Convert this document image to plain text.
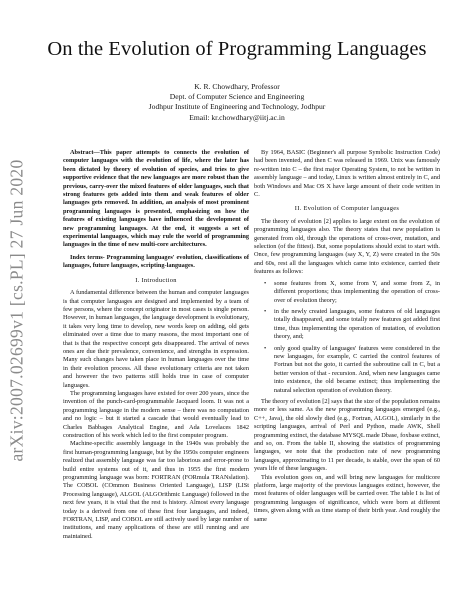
arXiv:2007.02699v1 [cs.PL] 27 Jun 2020
On the Evolution of Programming Languages
K. R. Chowdhary, Professor
Dept. of Computer Science and Engineering
Jodhpur Institute of Engineering and Technology, Jodhpur
Email: kr.chowdhary@iitj.ac.in

Abstract—This paper attempts to connects the evolution of computer languages with the evolution of life, where the later has been dictated by theory of evolution of species, and tries to give supportive evidence that the new languages are more robust than the previous, carry-over the mixed features of older languages, such that strong features gets added into them and weak features of older languages gets removed. In addition, an analysis of most prominent programming languages is presented, emphasizing on how the features of existing languages have influenced the development of new programming languages. At the end, it suggests a set of experimental languages, which may rule the world of programming languages in the time of new multi-core architectures.

Index terms- Programming languages' evolution, classifications of languages, future languages, scripting-languages.

I. Introduction

A fundamental difference between the human and computer languages is that computer languages are designed and implemented by a team of few persons, where the concept originator in most cases is single person. However, in human languages, the language development is evolutionary, it takes very long time to develop, new words keep on adding, old gets eliminated over a time due to many reasons, the most important one of that is that the respective concept gets disappeared. The arrival of news ones are due their prevalence, convenience, and strengths in expression. Many such changes have taken place in human languages over the time in their evolution process. All these evolutionary criteria are not taken and however the two patterns still holds true in case of computer languages.

The programming languages have existed for over 200 years, since the invention of the punch-card-programmable Jacquard loom. It was not a programming language in the modern sense – there was no computation and no logic – but it started a cascade that would eventually lead to Charles Babbages Analytical Engine, and Ada Lovelaces 1842 construction of his work which led to the first computer program.

Machine-specific assembly language in the 1940s was probably the first human-programming language, but by the 1950s computer engineers realized that assembly language was far too laborious and error-prone to build entire systems out of it, and thus in 1955 the first modern programming language was born: FORTRAN (FORmula TRANslation). The COBOL (COmmon Business Oriented Language), LISP (LISt Processing language), ALGOL (ALGOrithmic Language) followed in the next few years, it is vital that the rest is history. Almost every language today is a derived from one of these first four languages, and indeed, FORTRAN, LISP, and COBOL are still actively used by large number of institutions, and many applications of these are still running and are maintained.

By 1964, BASIC (Beginner's all purpose Symbolic Instruction Code) had been invented, and then C was released in 1969. Unix was famously re-written into C – the first major Operating System, to not be written in assembly language – and today, Linux is written almost entirely in C, and both Windows and Mac OS X have large amount of their code written in C.

II. Evolution of Computer languages

The theory of evolution [2] applies to large extent on the evolution of programming languages also. The theory states that new population is generated from old, through the operations of cross-over, mutation, and selection (of the fittest). But, some populations should exist to start with. Once, few programming languages (say X, Y, Z) were created in the 50s and 60s, rest all the languages which came into existence, carried their features as follows:

• some features from X, some from Y, and some from Z, in different proportions; thus implementing the operation of cross-over of evolution theory;
• in the newly created languages, some features of old languages totally disappeared, and some totally new features got added first time, thus implementing the operation of mutation, of evolution theory, and;
• only good quality of languages' features were considered in the new languages, for example, C carried the control features of Fortran but not the goto, it carried the subroutine call in C, but a better version of that - recursion. And, when new languages came into existence, the old became extinct; thus implementing the natural selection operation of evolution theory.

The theory of evolution [2] says that the size of the population remains more or less same. As the new programming languages emerged (e.g., C++, Java), the old slowly died (e.g., Fortran, ALGOL), similarly in the scripting languages, arrival of Perl and Python, made AWK, Shell programming extinct, the database MYSQL made Dbase, foxbase extinct, and so, on. From the table II, showing the statistics of programming languages, we note that the production rate of new programming languages, approximating to 11 per decade, is stable, over the span of 60 years life of these languages.

This evolution goes on, and will bring new languages for multicore platform, large majority of the previous languages extinct, however, the most features of older languages will be carried over. The table I is list of programming languages of significance, which were born at different times, given along with as time stamp of their birth year. And roughly the same
